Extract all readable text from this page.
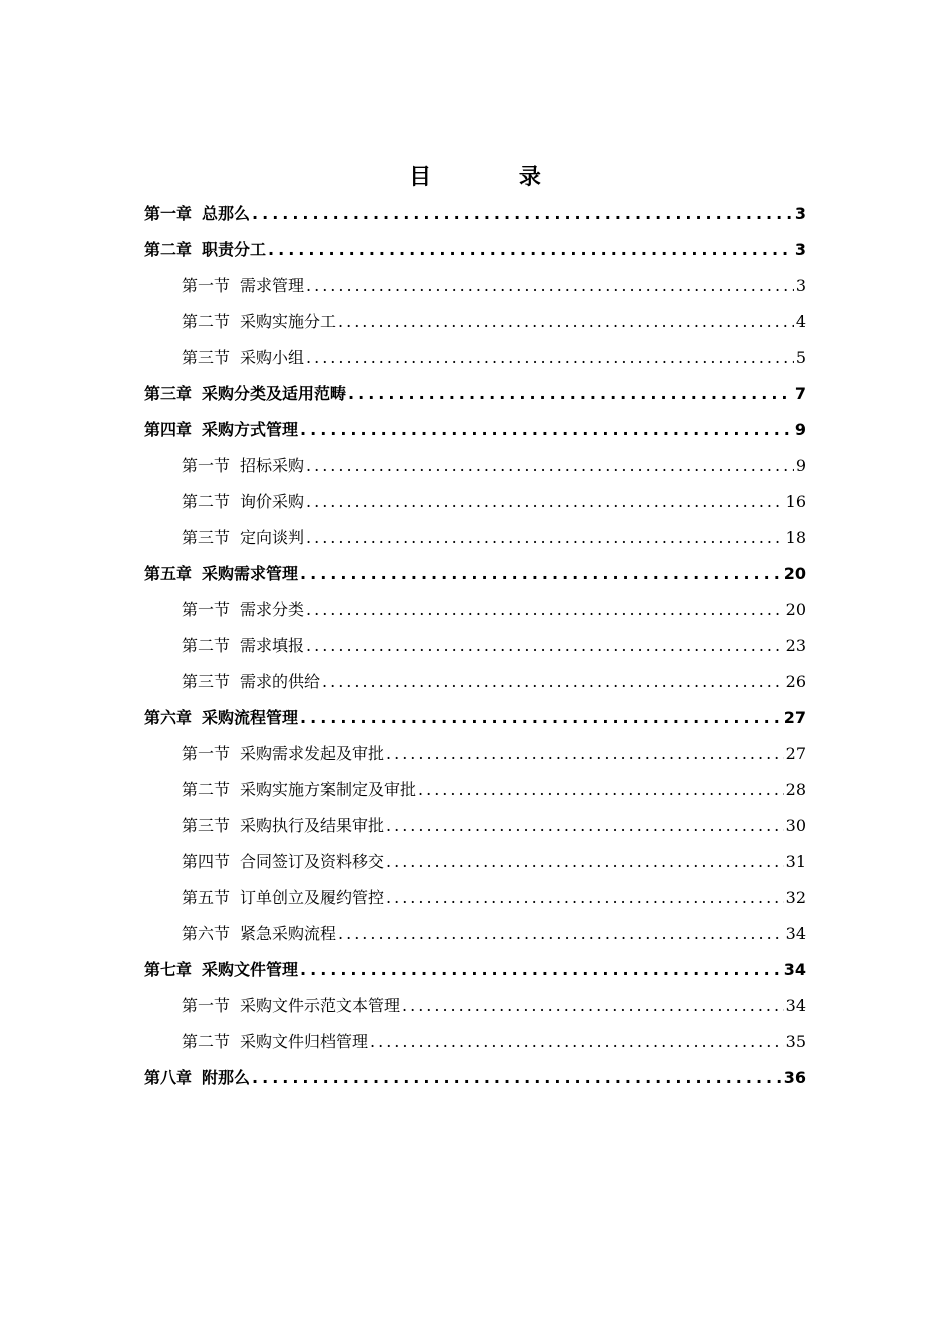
目 录
第一章 总那么 .....	3
第二章 职责分工 .....	3
第一节 需求管理 .....	3
第二节 采购实施分工 .....	4
第三节 采购小组 .....	5
第三章 采购分类及适用范畴 .....	7
第四章 采购方式管理 .....	9
第一节 招标采购 .....	9
第二节 询价采购 .....	16
第三节 定向谈判 .....	18
第五章 采购需求管理 .....	20
第一节 需求分类 .....	20
第二节 需求填报 .....	23
第三节 需求的供给 .....	26
第六章 采购流程管理 .....	27
第一节 采购需求发起及审批 .....	27
第二节 采购实施方案制定及审批 .....	28
第三节 采购执行及结果审批 .....	30
第四节 合同签订及资料移交 .....	31
第五节 订单创立及履约管控 .....	32
第六节 紧急采购流程 .....	34
第七章 采购文件管理 .....	34
第一节 采购文件示范文本管理 .....	34
第二节 采购文件归档管理 .....	35
第八章 附那么 .....	36
